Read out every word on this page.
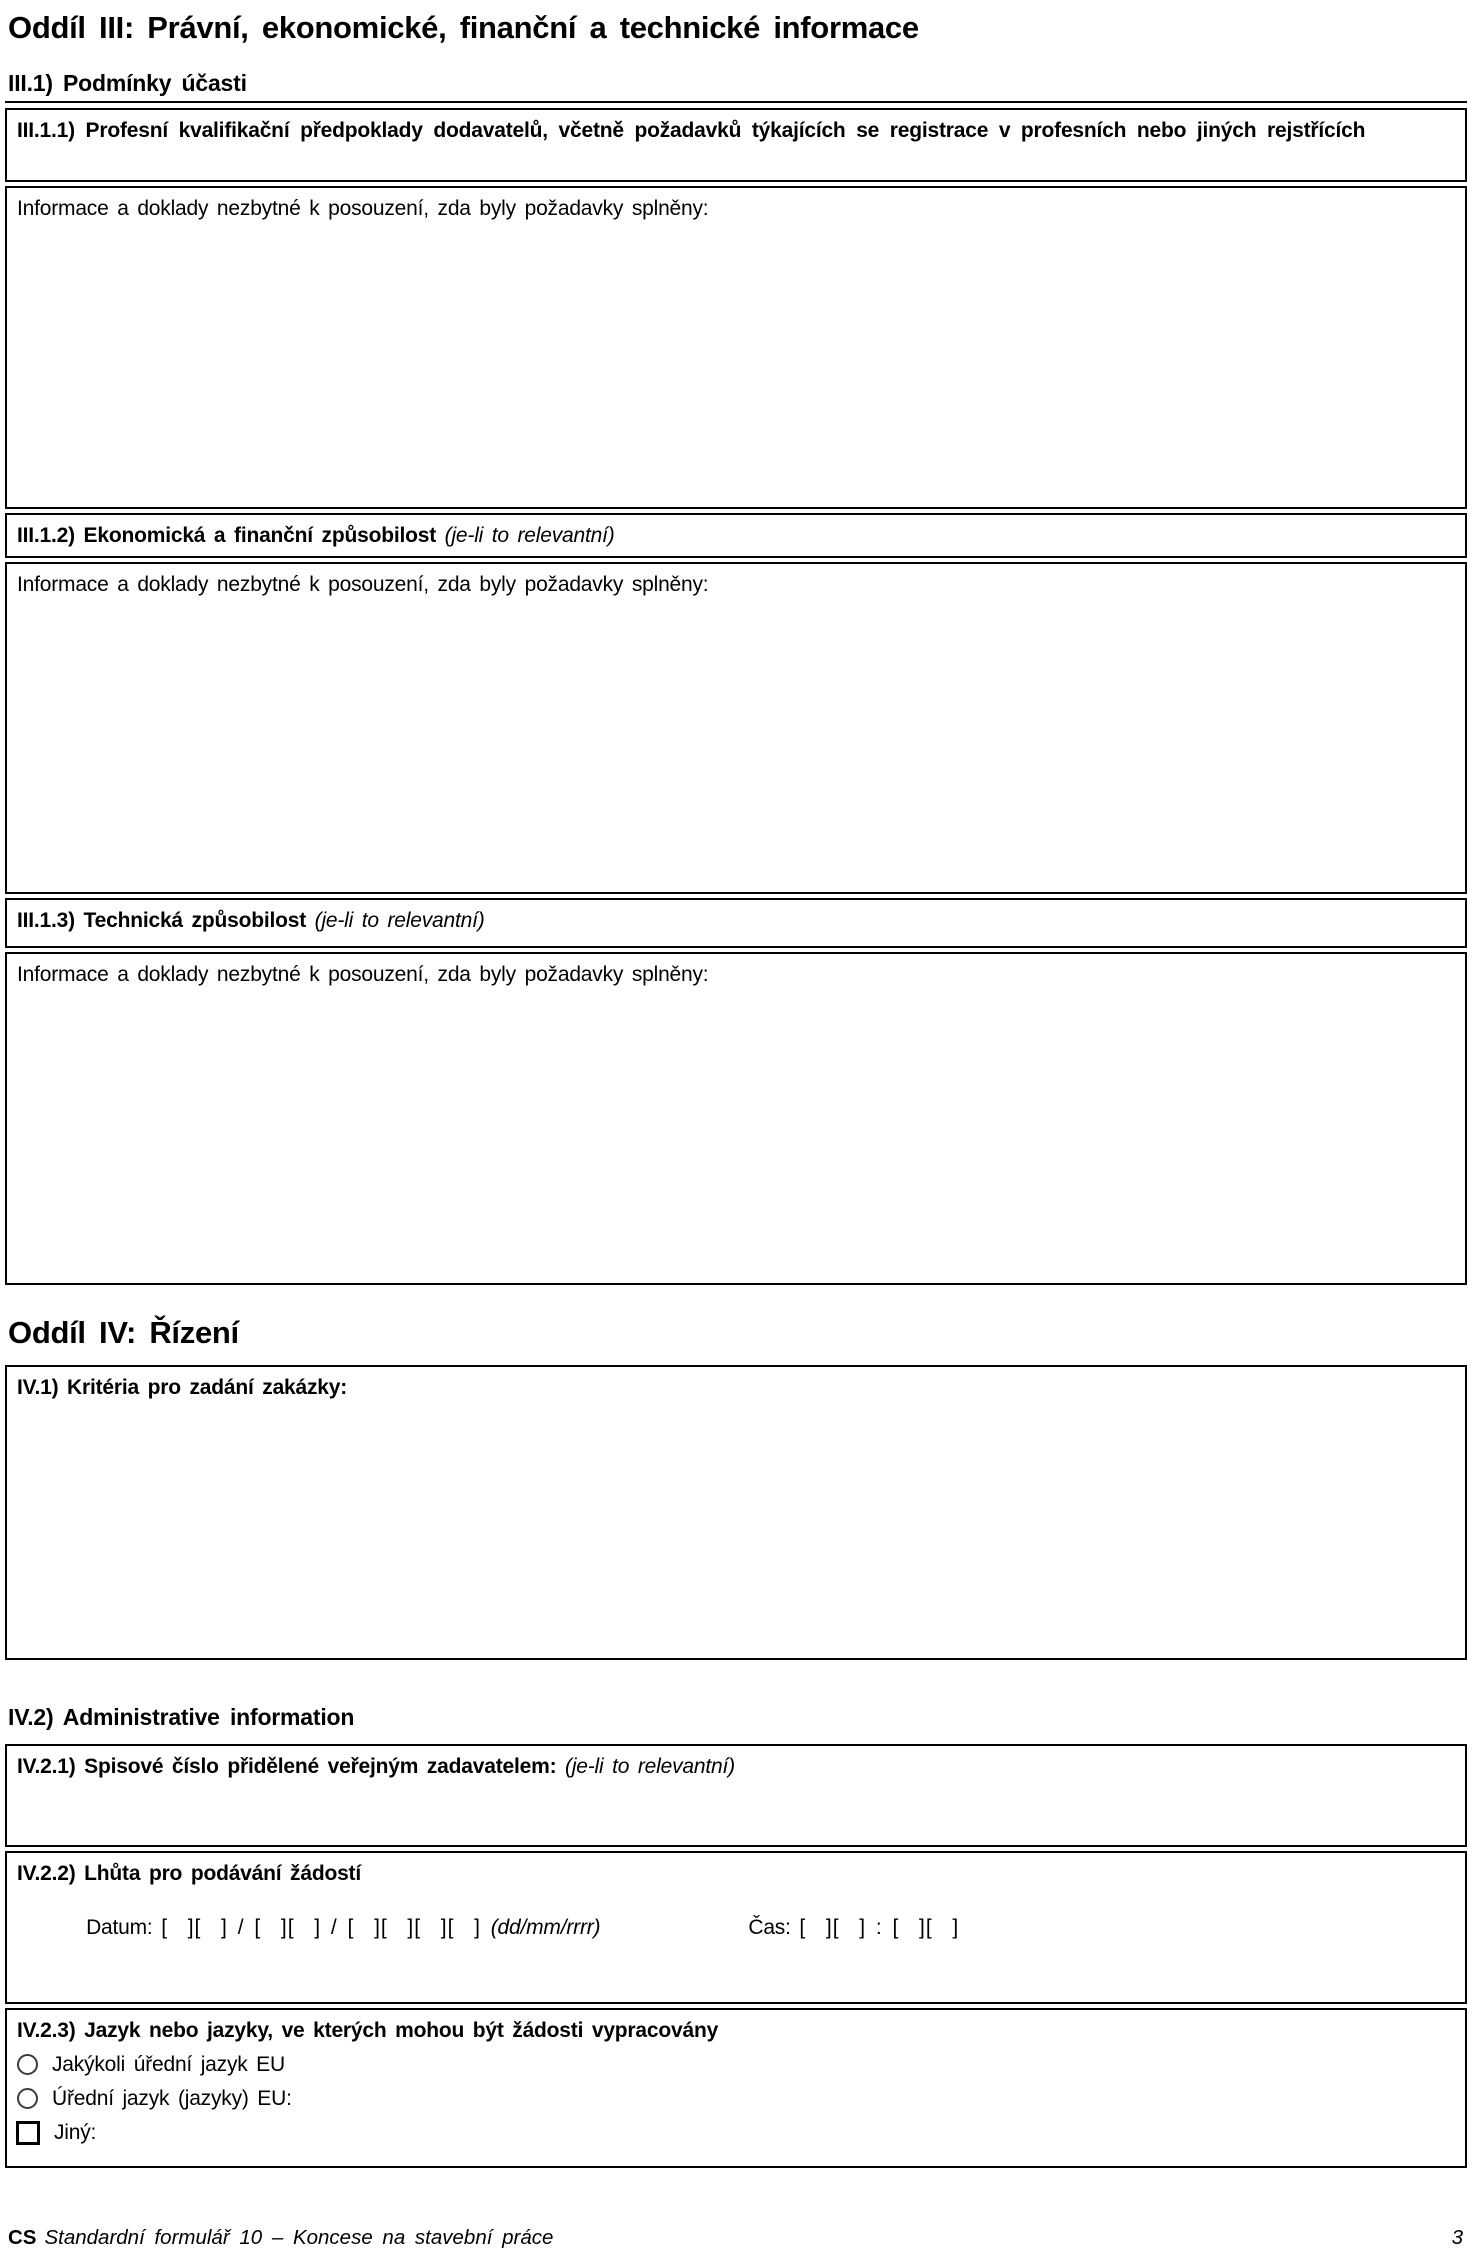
Oddíl III: Právní, ekonomické, finanční a technické informace
III.1) Podmínky účasti
III.1.1) Profesní kvalifikační předpoklady dodavatelů, včetně požadavků týkajících se registrace v profesních nebo jiných rejstřících
Informace a doklady nezbytné k posouzení, zda byly požadavky splněny:
III.1.2) Ekonomická a finanční způsobilost (je-li to relevantní)
Informace a doklady nezbytné k posouzení, zda byly požadavky splněny:
III.1.3) Technická způsobilost (je-li to relevantní)
Informace a doklady nezbytné k posouzení, zda byly požadavky splněny:
Oddíl IV: Řízení
IV.1) Kritéria pro zadání zakázky:
IV.2) Administrative information
IV.2.1) Spisové číslo přidělené veřejným zadavatelem: (je-li to relevantní)
IV.2.2) Lhůta pro podávání žádostí

Datum: [  ][  ] / [  ][  ] / [  ][  ][  ][  ] (dd/mm/rrrr)
	Čas: [  ][  ] : [  ][  ]

IV.2.3) Jazyk nebo jazyky, ve kterých mohou být žádosti vypracovány
Jakýkoli úřední jazyk EU
Úřední jazyk (jazyky) EU:
Jiný:
CS Standardní formulář 10 – Koncese na stavební práce	3
